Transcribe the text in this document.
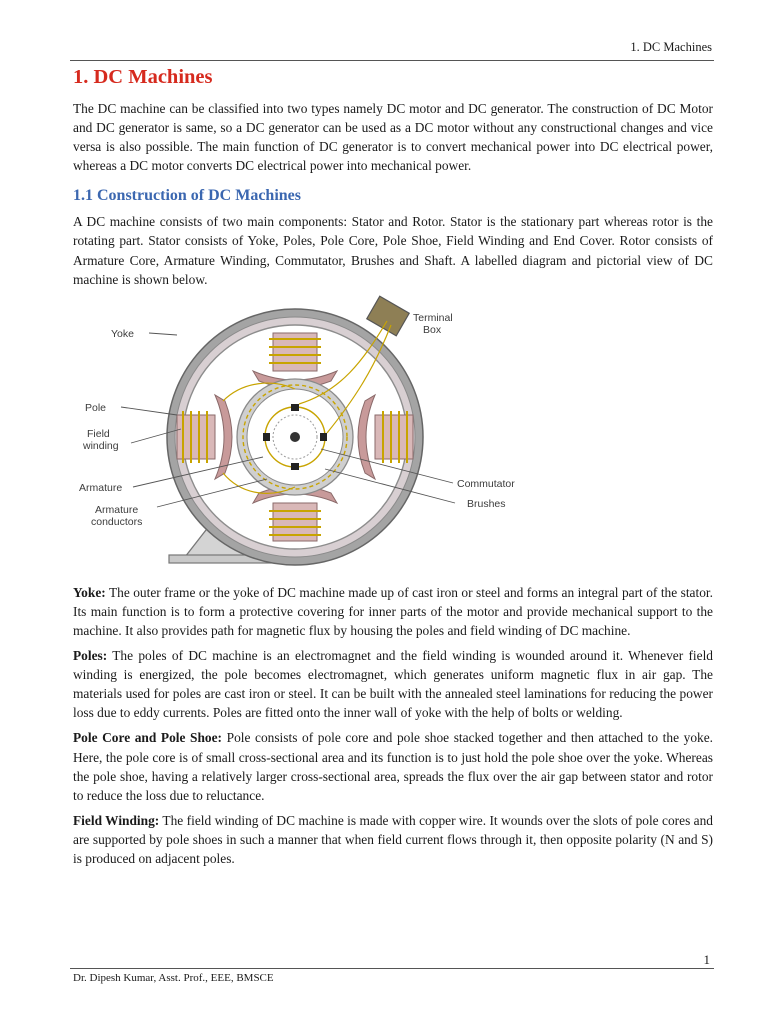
1. DC Machines
1. DC Machines

The DC machine can be classified into two types namely DC motor and DC generator. The construction of DC Motor and DC generator is same, so a DC generator can be used as a DC motor without any constructional changes and vice versa is also possible. The main function of DC generator is to convert mechanical power into DC electrical power, whereas a DC motor converts DC electrical power into mechanical power.

1.1 Construction of DC Machines

A DC machine consists of two main components: Stator and Rotor. Stator is the stationary part whereas rotor is the rotating part. Stator consists of Yoke, Poles, Pole Core, Pole Shoe, Field Winding and End Cover. Rotor consists of Armature Core, Armature Winding, Commutator, Brushes and Shaft. A labelled diagram and pictorial view of DC machine is shown below.

Yoke
Terminal
Box
Pole
Field
winding
Armature
Armature
conductors
Commutator
Brushes

Yoke: The outer frame or the yoke of DC machine made up of cast iron or steel and forms an integral part of the stator. Its main function is to form a protective covering for inner parts of the motor and provide mechanical support to the machine. It also provides path for magnetic flux by housing the poles and field winding of DC machine.

Poles: The poles of DC machine is an electromagnet and the field winding is wounded around it. Whenever field winding is energized, the pole becomes electromagnet, which generates uniform magnetic flux in air gap. The materials used for poles are cast iron or steel. It can be built with the annealed steel laminations for reducing the power loss due to eddy currents. Poles are fitted onto the inner wall of yoke with the help of bolts or welding.

Pole Core and Pole Shoe: Pole consists of pole core and pole shoe stacked together and then attached to the yoke. Here, the pole core is of small cross-sectional area and its function is to just hold the pole shoe over the yoke. Whereas the pole shoe, having a relatively larger cross-sectional area, spreads the flux over the air gap between stator and rotor to reduce the loss due to reluctance.

Field Winding: The field winding of DC machine is made with copper wire. It wounds over the slots of pole cores and are supported by pole shoes in such a manner that when field current flows through it, then opposite polarity (N and S) is produced on adjacent poles.

1
Dr. Dipesh Kumar, Asst. Prof., EEE, BMSCE
